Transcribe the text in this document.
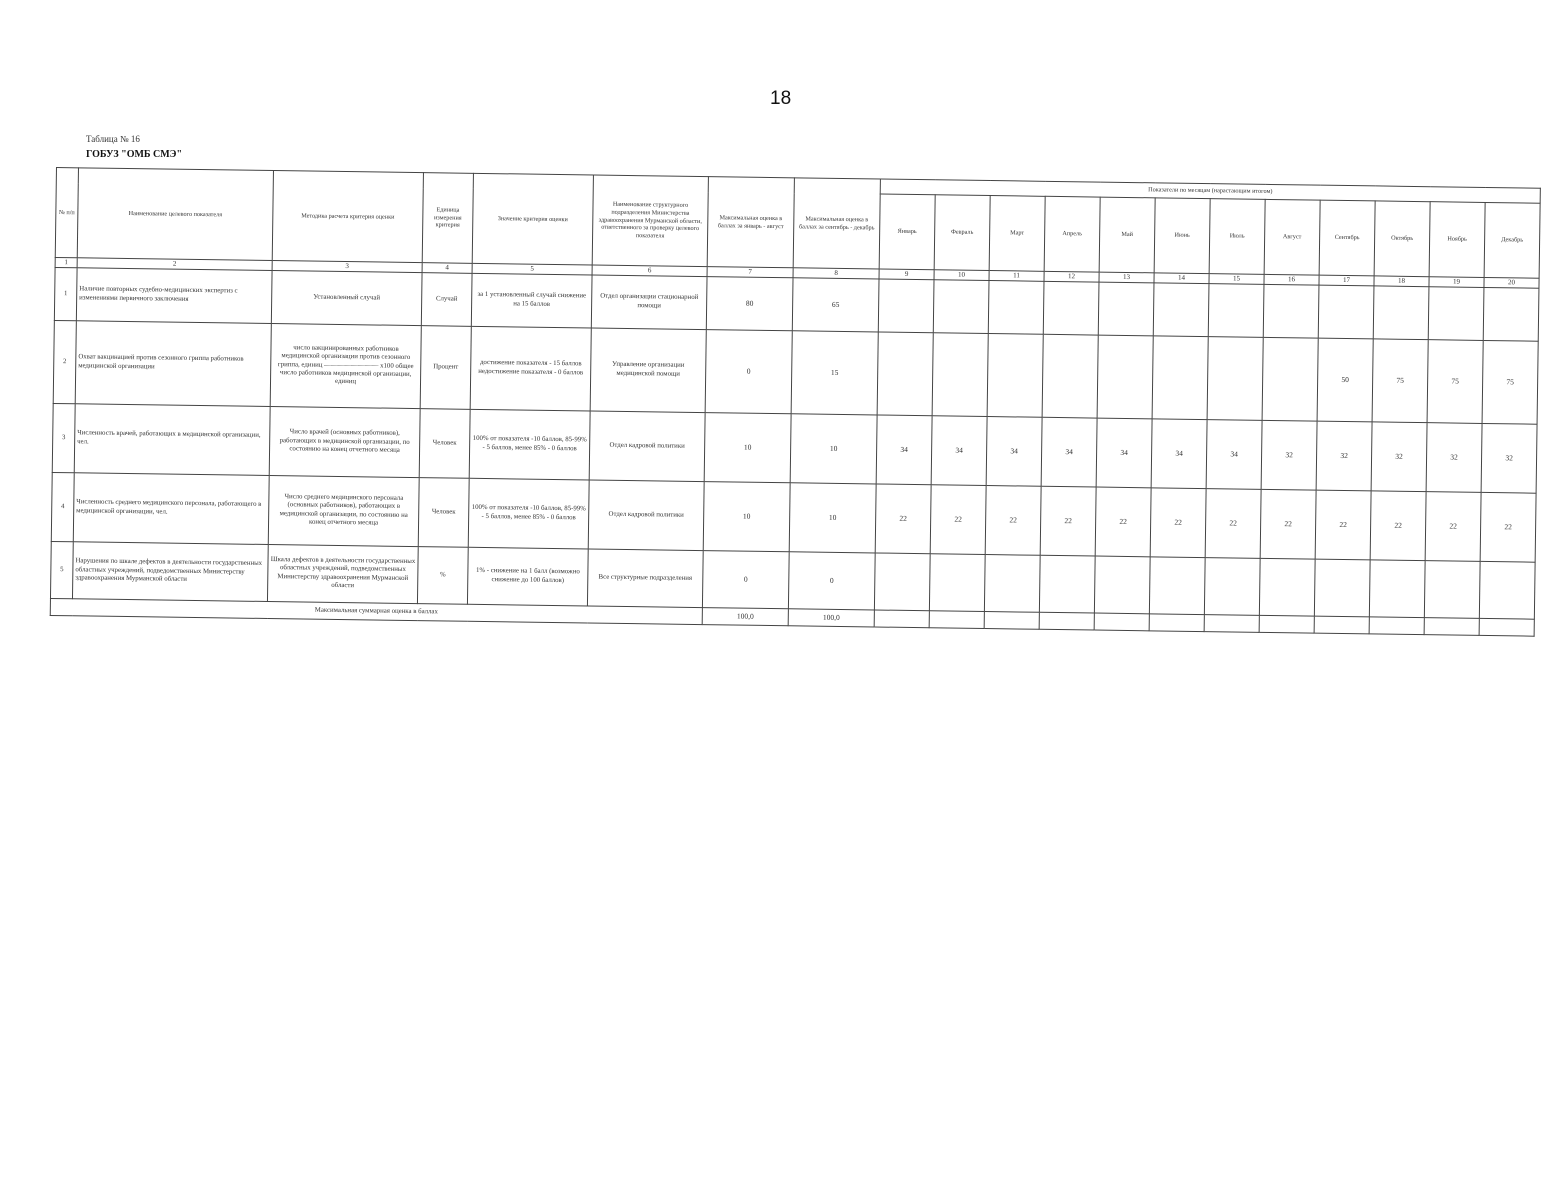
18
Таблица № 16
ГОБУЗ "ОМБ СМЭ"
№ п/п	Наименование целевого показателя	Методика расчета критерия оценки	Единица измерения критерия	Значение критерия оценки	Наименование структурного подразделения Министерства здравоохранения Мурманской области, ответственного за проверку целевого показателя	Максимальная оценка в баллах за январь - август	Максимальная оценка в баллах за сентябрь - декабрь	Показатели по месяцам (нарастающим итогом)											
								Январь	Февраль	Март	Апрель	Май	Июнь	Июль	Август	Сентябрь	Октябрь	Ноябрь	Декабрь
1	2	3	4	5	6	7	8	9	10	11	12	13	14	15	16	17	18	19	20
1	Наличие повторных судебно-медицинских экспертиз с изменениями первичного заключения	Установленный случай	Случай	за 1 установленный случай снижение на 15 баллов	Отдел организации стационарной помощи	80	65												
2	Охват вакцинацией против сезонного гриппа работников медицинской организации	число вакцинированных работников медицинской организации против сезонного гриппа, единиц ———————— х100 общее число работников медицинской организации, единиц	Процент	достижение показателя - 15 баллов недостижение показателя - 0 баллов	Управление организации медицинской помощи	0	15									50	75	75	75
3	Численность врачей, работающих в медицинской организации, чел.	Число врачей (основных работников), работающих в медицинской организации, по состоянию на конец отчетного месяца	Человек	100% от показателя -10 баллов, 85-99% - 5 баллов, менее 85% - 0 баллов	Отдел кадровой политики	10	10	34	34	34	34	34	34	34	32	32	32	32	32
4	Численность среднего медицинского персонала, работающего в медицинской организации, чел.	Число среднего медицинского персонала (основных работников), работающих в медицинской организации, по состоянию на конец отчетного месяца	Человек	100% от показателя -10 баллов, 85-99% - 5 баллов, менее 85% - 0 баллов	Отдел кадровой политики	10	10	22	22	22	22	22	22	22	22	22	22	22	22
5	Нарушения по шкале дефектов в деятельности государственных областных учреждений, подведомственных Министерству здравоохранения Мурманской области	Шкала дефектов в деятельности государственных областных учреждений, подведомственных Министерству здравоохранения Мурманской области	%	1% - снижение на 1 балл (возможно снижение до 100 баллов)	Все структурные подразделения	0	0												
Максимальная суммарная оценка в баллах						100,0	100,0												
